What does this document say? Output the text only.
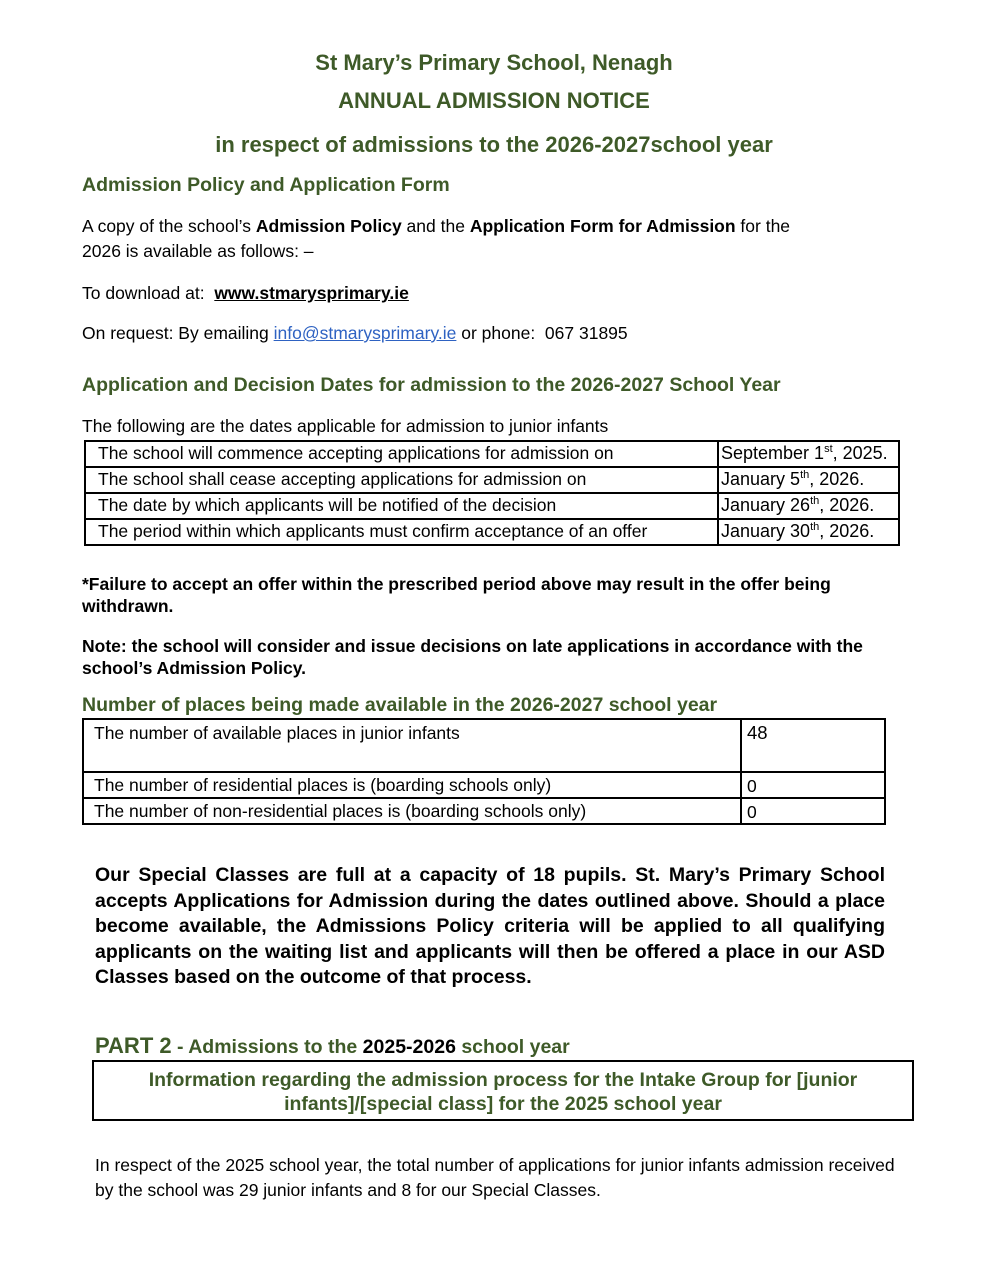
St Mary’s Primary School, Nenagh
ANNUAL ADMISSION NOTICE
in respect of admissions to the 2026-2027school year
Admission Policy and Application Form
A copy of the school’s Admission Policy and the Application Form for Admission for the
2026 is available as follows: –
To download at:  www.stmarysprimary.ie
On request: By emailing info@stmarysprimary.ie or phone:  067 31895
Application and Decision Dates for admission to the 2026-2027 School Year
The following are the dates applicable for admission to junior infants
The school will commence accepting applications for admission on	September 1st, 2025.
The school shall cease accepting applications for admission on	January 5th, 2026.
The date by which applicants will be notified of the decision	January 26th, 2026.
The period within which applicants must confirm acceptance of an offer	January 30th, 2026.
*Failure to accept an offer within the prescribed period above may result in the offer being withdrawn.
Note: the school will consider and issue decisions on late applications in accordance with the school’s Admission Policy.
Number of places being made available in the 2026-2027 school year
The number of available places in junior infants	48
The number of residential places is (boarding schools only)	0
The number of non-residential places is (boarding schools only)	0
Our Special Classes are full at a capacity of 18 pupils. St. Mary’s Primary School accepts Applications for Admission during the dates outlined above. Should a place become available, the Admissions Policy criteria will be applied to all qualifying applicants on the waiting list and applicants will then be offered a place in our ASD Classes based on the outcome of that process.
PART 2 - Admissions to the 2025-2026 school year
Information regarding the admission process for the Intake Group for [junior infants]/[special class] for the 2025 school year
In respect of the 2025 school year, the total number of applications for junior infants admission received by the school was 29 junior infants and 8 for our Special Classes.
